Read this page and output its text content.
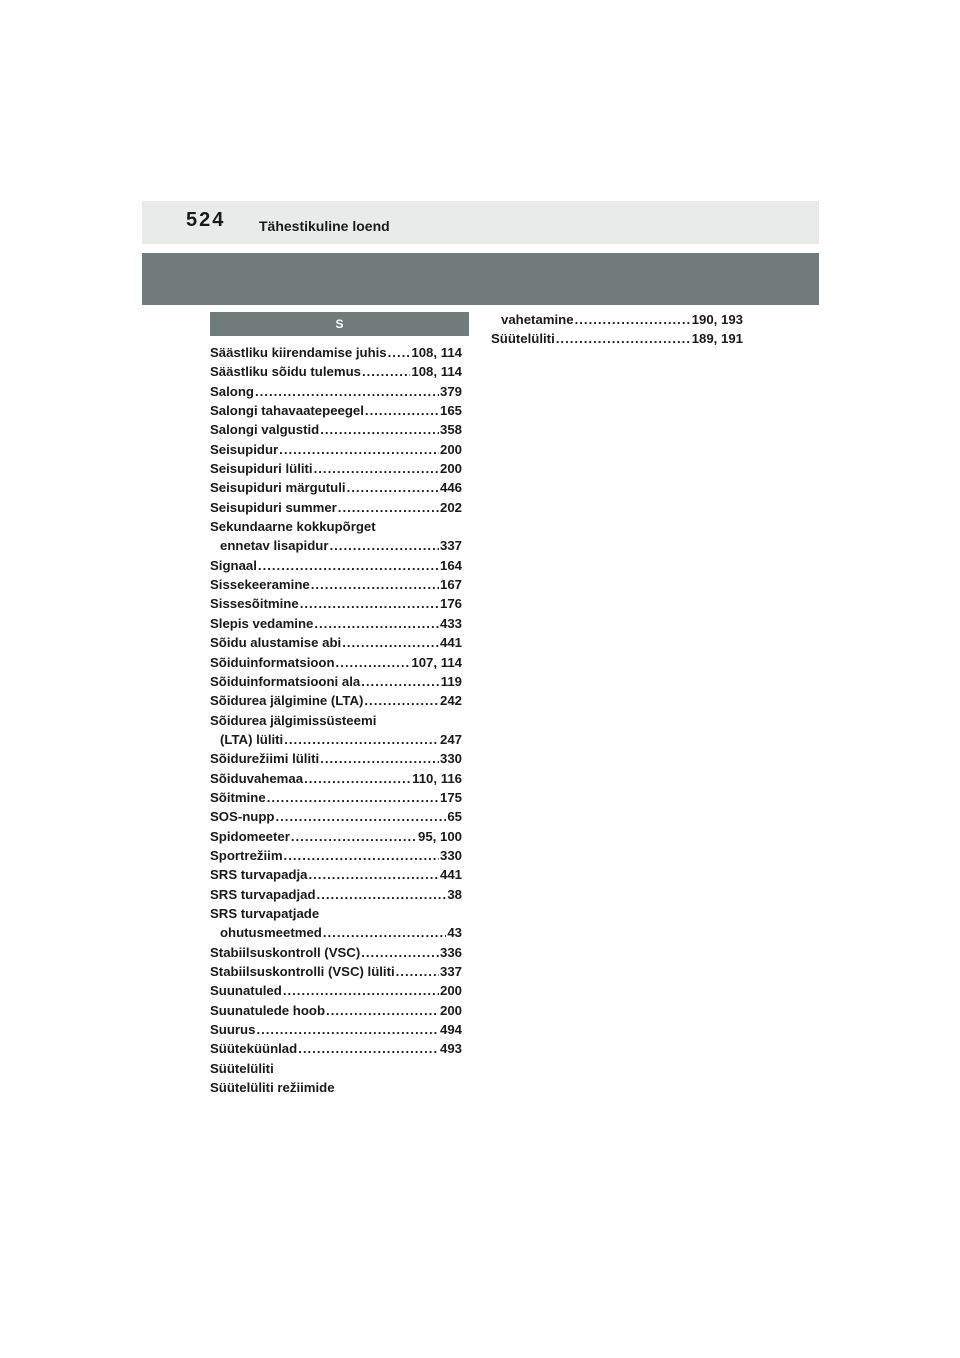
524 Tähestikuline loend
S
Säästliku kiirendamise juhis ..... 108, 114
Säästliku sõidu tulemus .....	108, 114
Salong .....	379
Salongi tahavaatepeegel .....	165
Salongi valgustid .....	358
Seisupidur .....	200
Seisupiduri lüliti .....	200
Seisupiduri märgutuli .....	446
Seisupiduri summer .....	202
Sekundaarne kokkupõrget
ennetav lisapidur .....	337
Signaal .....	164
Sissekeeramine .....	167
Sissesõitmine .....	176
Slepis vedamine .....	433
Sõidu alustamise abi .....	441
Sõiduinformatsioon .....	107, 114
Sõiduinformatsiooni ala .....	119
Sõidurea jälgimine (LTA) .....	242
Sõidurea jälgimissüsteemi
(LTA) lüliti .....	247
Sõidurežiimi lüliti .....	330
Sõiduvahemaa .....	110, 116
Sõitmine .....	175
SOS-nupp .....	65
Spidomeeter .....	95, 100
Sportrežiim .....	330
SRS turvapadja .....	441
SRS turvapadjad .....	38
SRS turvapatjade
ohutusmeetmed .....	43
Stabiilsuskontroll (VSC) .....	336
Stabiilsuskontrolli (VSC) lüliti .....	337
Suunatuled .....	200
Suunatulede hoob .....	200
Suurus .....	494
Süüteküünlad .....	493
Süütelüliti
Süütelüliti režiimide
vahetamine .....	190, 193
Süütelüliti .....	189, 191
